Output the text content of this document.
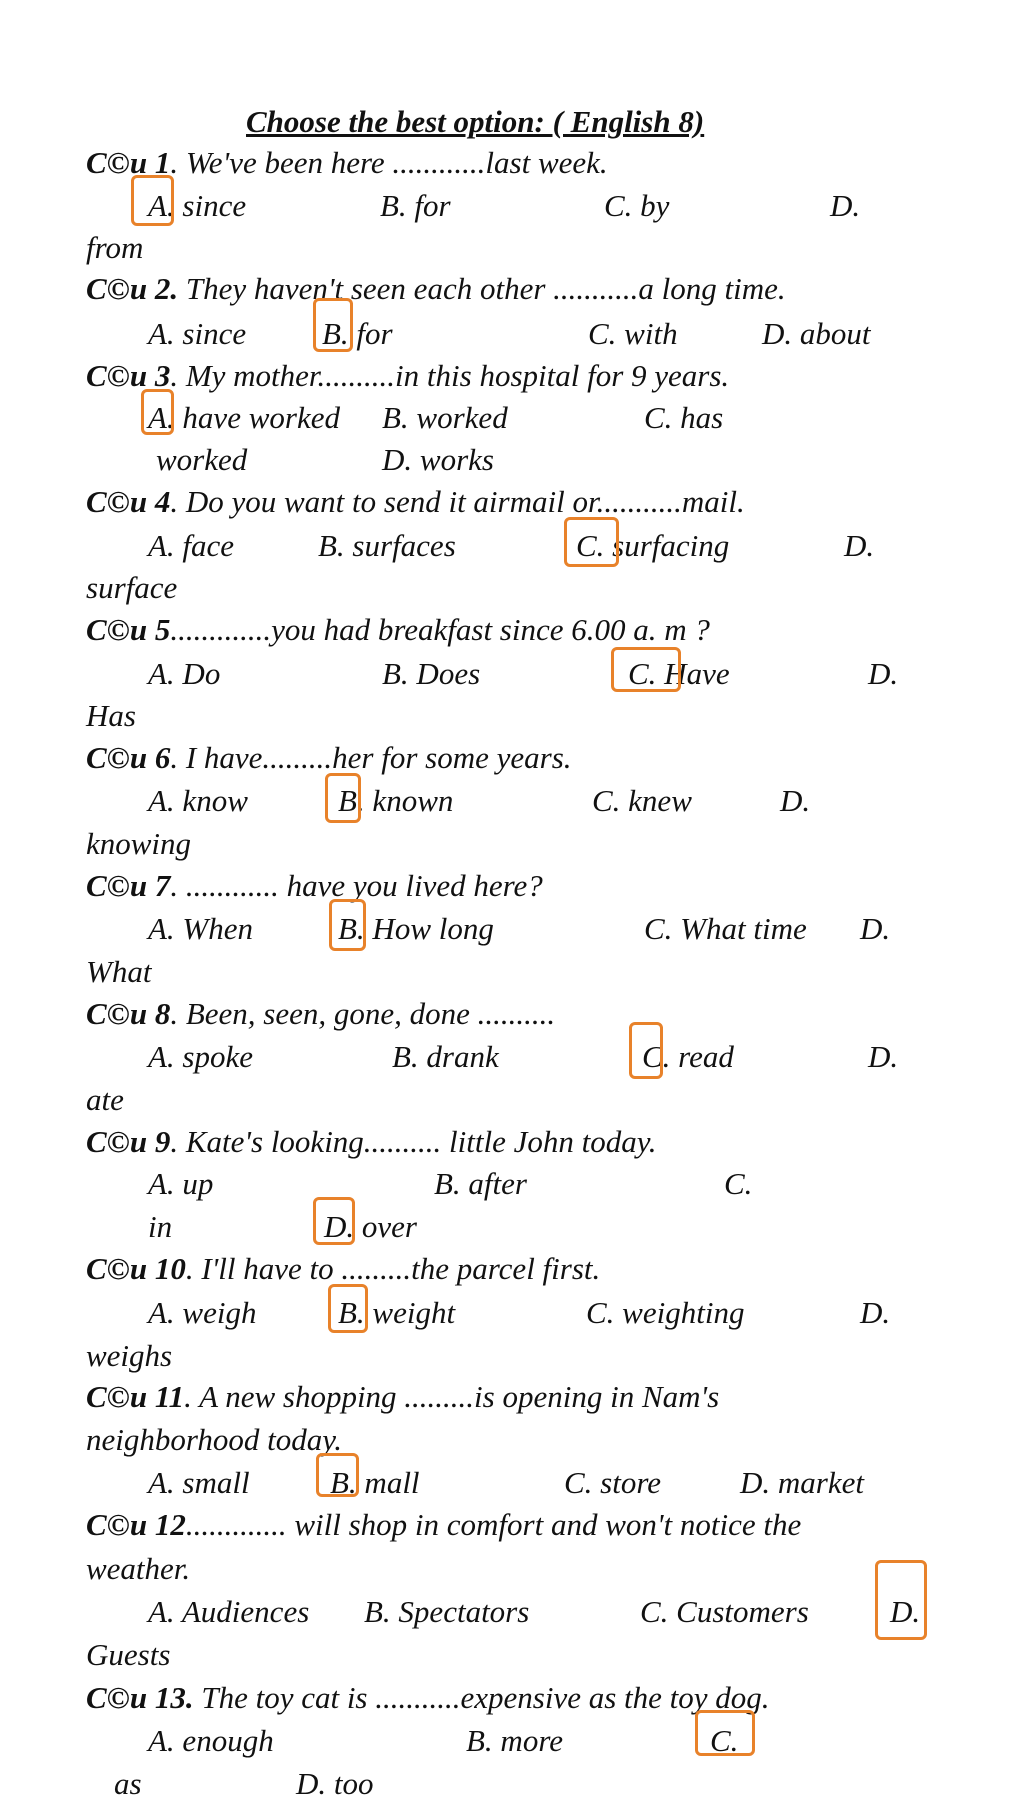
Choose the best option: ( English 8)
C©u 1. We've been here ............last week.
A. since	B. for	C. by	D.
from
C©u 2. They haven't seen each other ...........a long time.
A. since B. for	C. with	D. about
C©u 3. My mother..........in this hospital for 9 years.
A. have worked B. worked	C. has
worked	D. works
C©u 4. Do you want to send it airmail or...........mail.
A. face	B. surfaces	C. surfacing	D.
surface
C©u 5.............you had breakfast since 6.00 a. m ?
A. Do	B. Does	C. Have	D.
Has
C©u 6. I have.........her for some years.
A. know	B. known	C. knew	D.
knowing
C©u 7. ............ have you lived here?
A. When	B. How long	C. What time D.
What
C©u 8. Been, seen, gone, done ..........
A. spoke	B. drank	C. read	D.
ate
C©u 9. Kate's looking.......... little John today.
A. up	B. after	C.
in	D. over
C©u 10. I'll have to .........the parcel first.
A. weigh	B. weight	C. weighting	D.
weighs
C©u 11. A new shopping .........is opening in Nam's
neighborhood today.
A. small	B. mall	C. store	D. market
C©u 12............. will shop in comfort and won't notice the
weather.
A. Audiences B. Spectators	C. Customers	D.
Guests
C©u 13. The toy cat is ...........expensive as the toy dog.
A. enough	B. more	C.
as	D. too
